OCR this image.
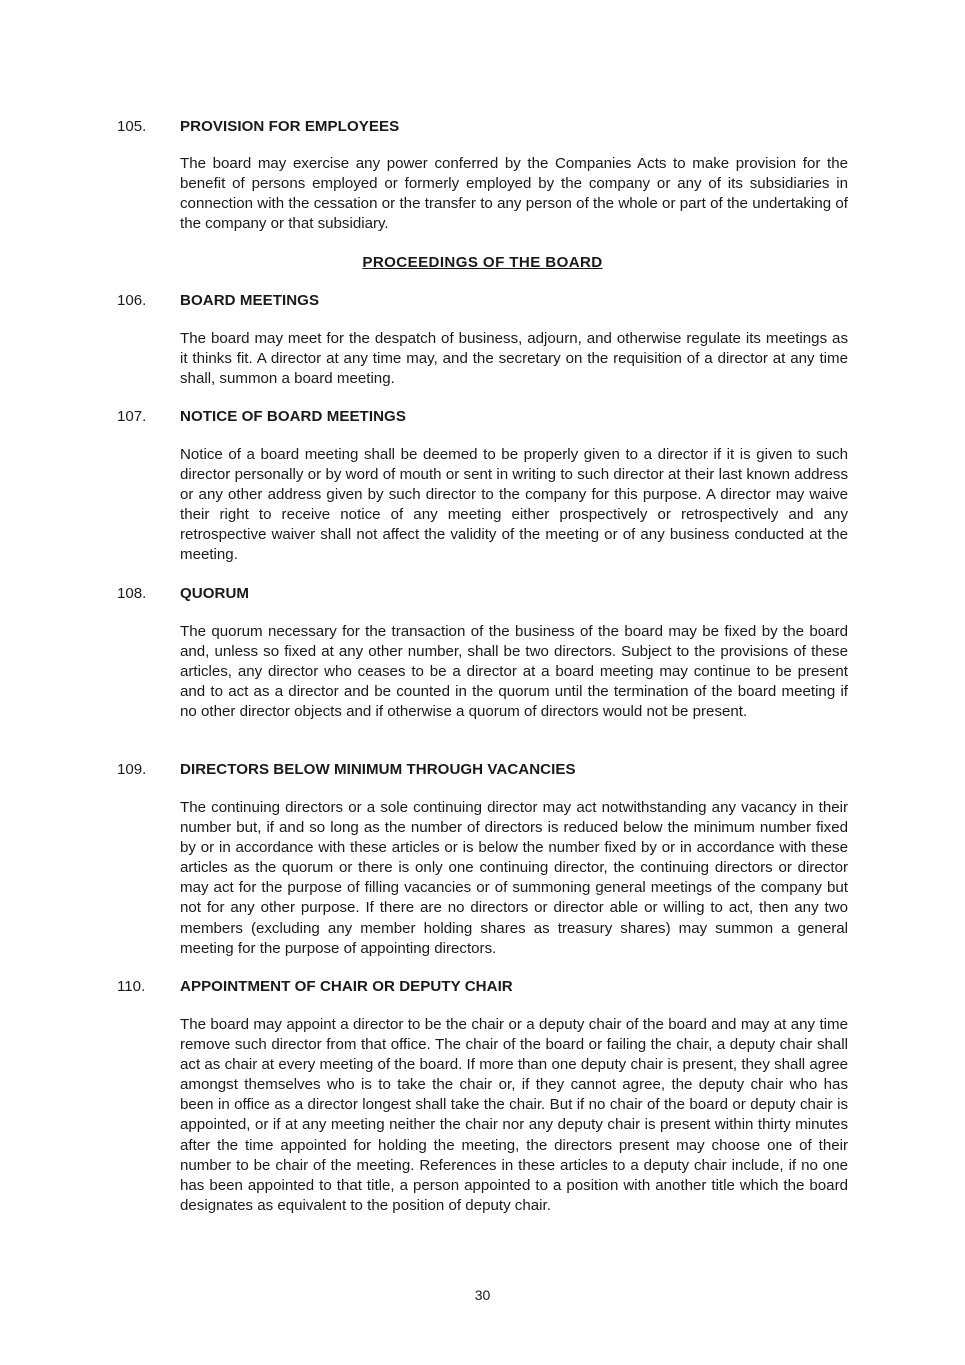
105. PROVISION FOR EMPLOYEES

The board may exercise any power conferred by the Companies Acts to make provision for the benefit of persons employed or formerly employed by the company or any of its subsidiaries in connection with the cessation or the transfer to any person of the whole or part of the undertaking of the company or that subsidiary.

PROCEEDINGS OF THE BOARD
106. BOARD MEETINGS

The board may meet for the despatch of business, adjourn, and otherwise regulate its meetings as it thinks fit. A director at any time may, and the secretary on the requisition of a director at any time shall, summon a board meeting.

107. NOTICE OF BOARD MEETINGS

Notice of a board meeting shall be deemed to be properly given to a director if it is given to such director personally or by word of mouth or sent in writing to such director at their last known address or any other address given by such director to the company for this purpose. A director may waive their right to receive notice of any meeting either prospectively or retrospectively and any retrospective waiver shall not affect the validity of the meeting or of any business conducted at the meeting.

108. QUORUM

The quorum necessary for the transaction of the business of the board may be fixed by the board and, unless so fixed at any other number, shall be two directors. Subject to the provisions of these articles, any director who ceases to be a director at a board meeting may continue to be present and to act as a director and be counted in the quorum until the termination of the board meeting if no other director objects and if otherwise a quorum of directors would not be present.

109. DIRECTORS BELOW MINIMUM THROUGH VACANCIES

The continuing directors or a sole continuing director may act notwithstanding any vacancy in their number but, if and so long as the number of directors is reduced below the minimum number fixed by or in accordance with these articles or is below the number fixed by or in accordance with these articles as the quorum or there is only one continuing director, the continuing directors or director may act for the purpose of filling vacancies or of summoning general meetings of the company but not for any other purpose. If there are no directors or director able or willing to act, then any two members (excluding any member holding shares as treasury shares) may summon a general meeting for the purpose of appointing directors.

110. APPOINTMENT OF CHAIR OR DEPUTY CHAIR

The board may appoint a director to be the chair or a deputy chair of the board and may at any time remove such director from that office. The chair of the board or failing the chair, a deputy chair shall act as chair at every meeting of the board. If more than one deputy chair is present, they shall agree amongst themselves who is to take the chair or, if they cannot agree, the deputy chair who has been in office as a director longest shall take the chair. But if no chair of the board or deputy chair is appointed, or if at any meeting neither the chair nor any deputy chair is present within thirty minutes after the time appointed for holding the meeting, the directors present may choose one of their number to be chair of the meeting. References in these articles to a deputy chair include, if no one has been appointed to that title, a person appointed to a position with another title which the board designates as equivalent to the position of deputy chair.

30
